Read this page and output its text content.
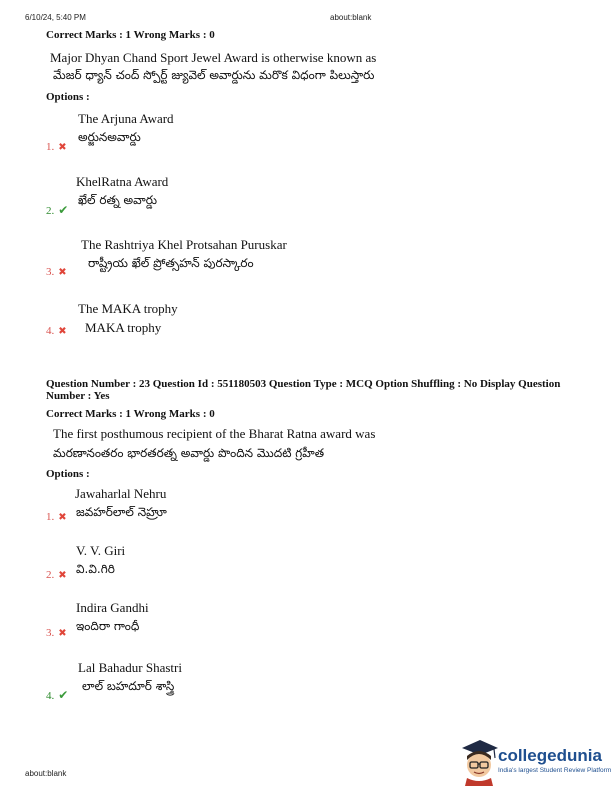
6/10/24, 5:40 PM	about:blank
Correct Marks : 1 Wrong Marks : 0
Major Dhyan Chand Sport Jewel Award is otherwise known as
మేజర్ ధ్యాన్ చంద్ స్పోర్ట్ జ్యువెల్ అవార్డును మరొక విధంగా పిలుస్తారు
Options :
The Arjuna Award
అర్జునఅవార్డు
1. ✖
KhelRatna Award
ఖేల్ రత్న అవార్డు
2. ✔
The Rashtriya Khel Protsahan Puruskar
రాష్ట్రీయ ఖేల్ ప్రోత్సహన్ పురస్కారం
3. ✖
The MAKA trophy
MAKA trophy
4. ✖
Question Number : 23 Question Id : 551180503 Question Type : MCQ Option Shuffling : No Display Question Number : Yes
Correct Marks : 1 Wrong Marks : 0
The first posthumous recipient of the Bharat Ratna award was
మరణానంతరం భారతరత్న అవార్డు పొందిన మొదటి గ్రహీత
Options :
Jawaharlal Nehru
జవహర్‌లాల్ నెహ్రూ
1. ✖
V. V. Giri
వి.వి.గిరి
2. ✖
Indira Gandhi
ఇందిరా గాంధీ
3. ✖
Lal Bahadur Shastri
లాల్ బహదూర్ శాస్త్రి
4. ✔
about:blank
collegedunia
India's largest Student Review Platform
